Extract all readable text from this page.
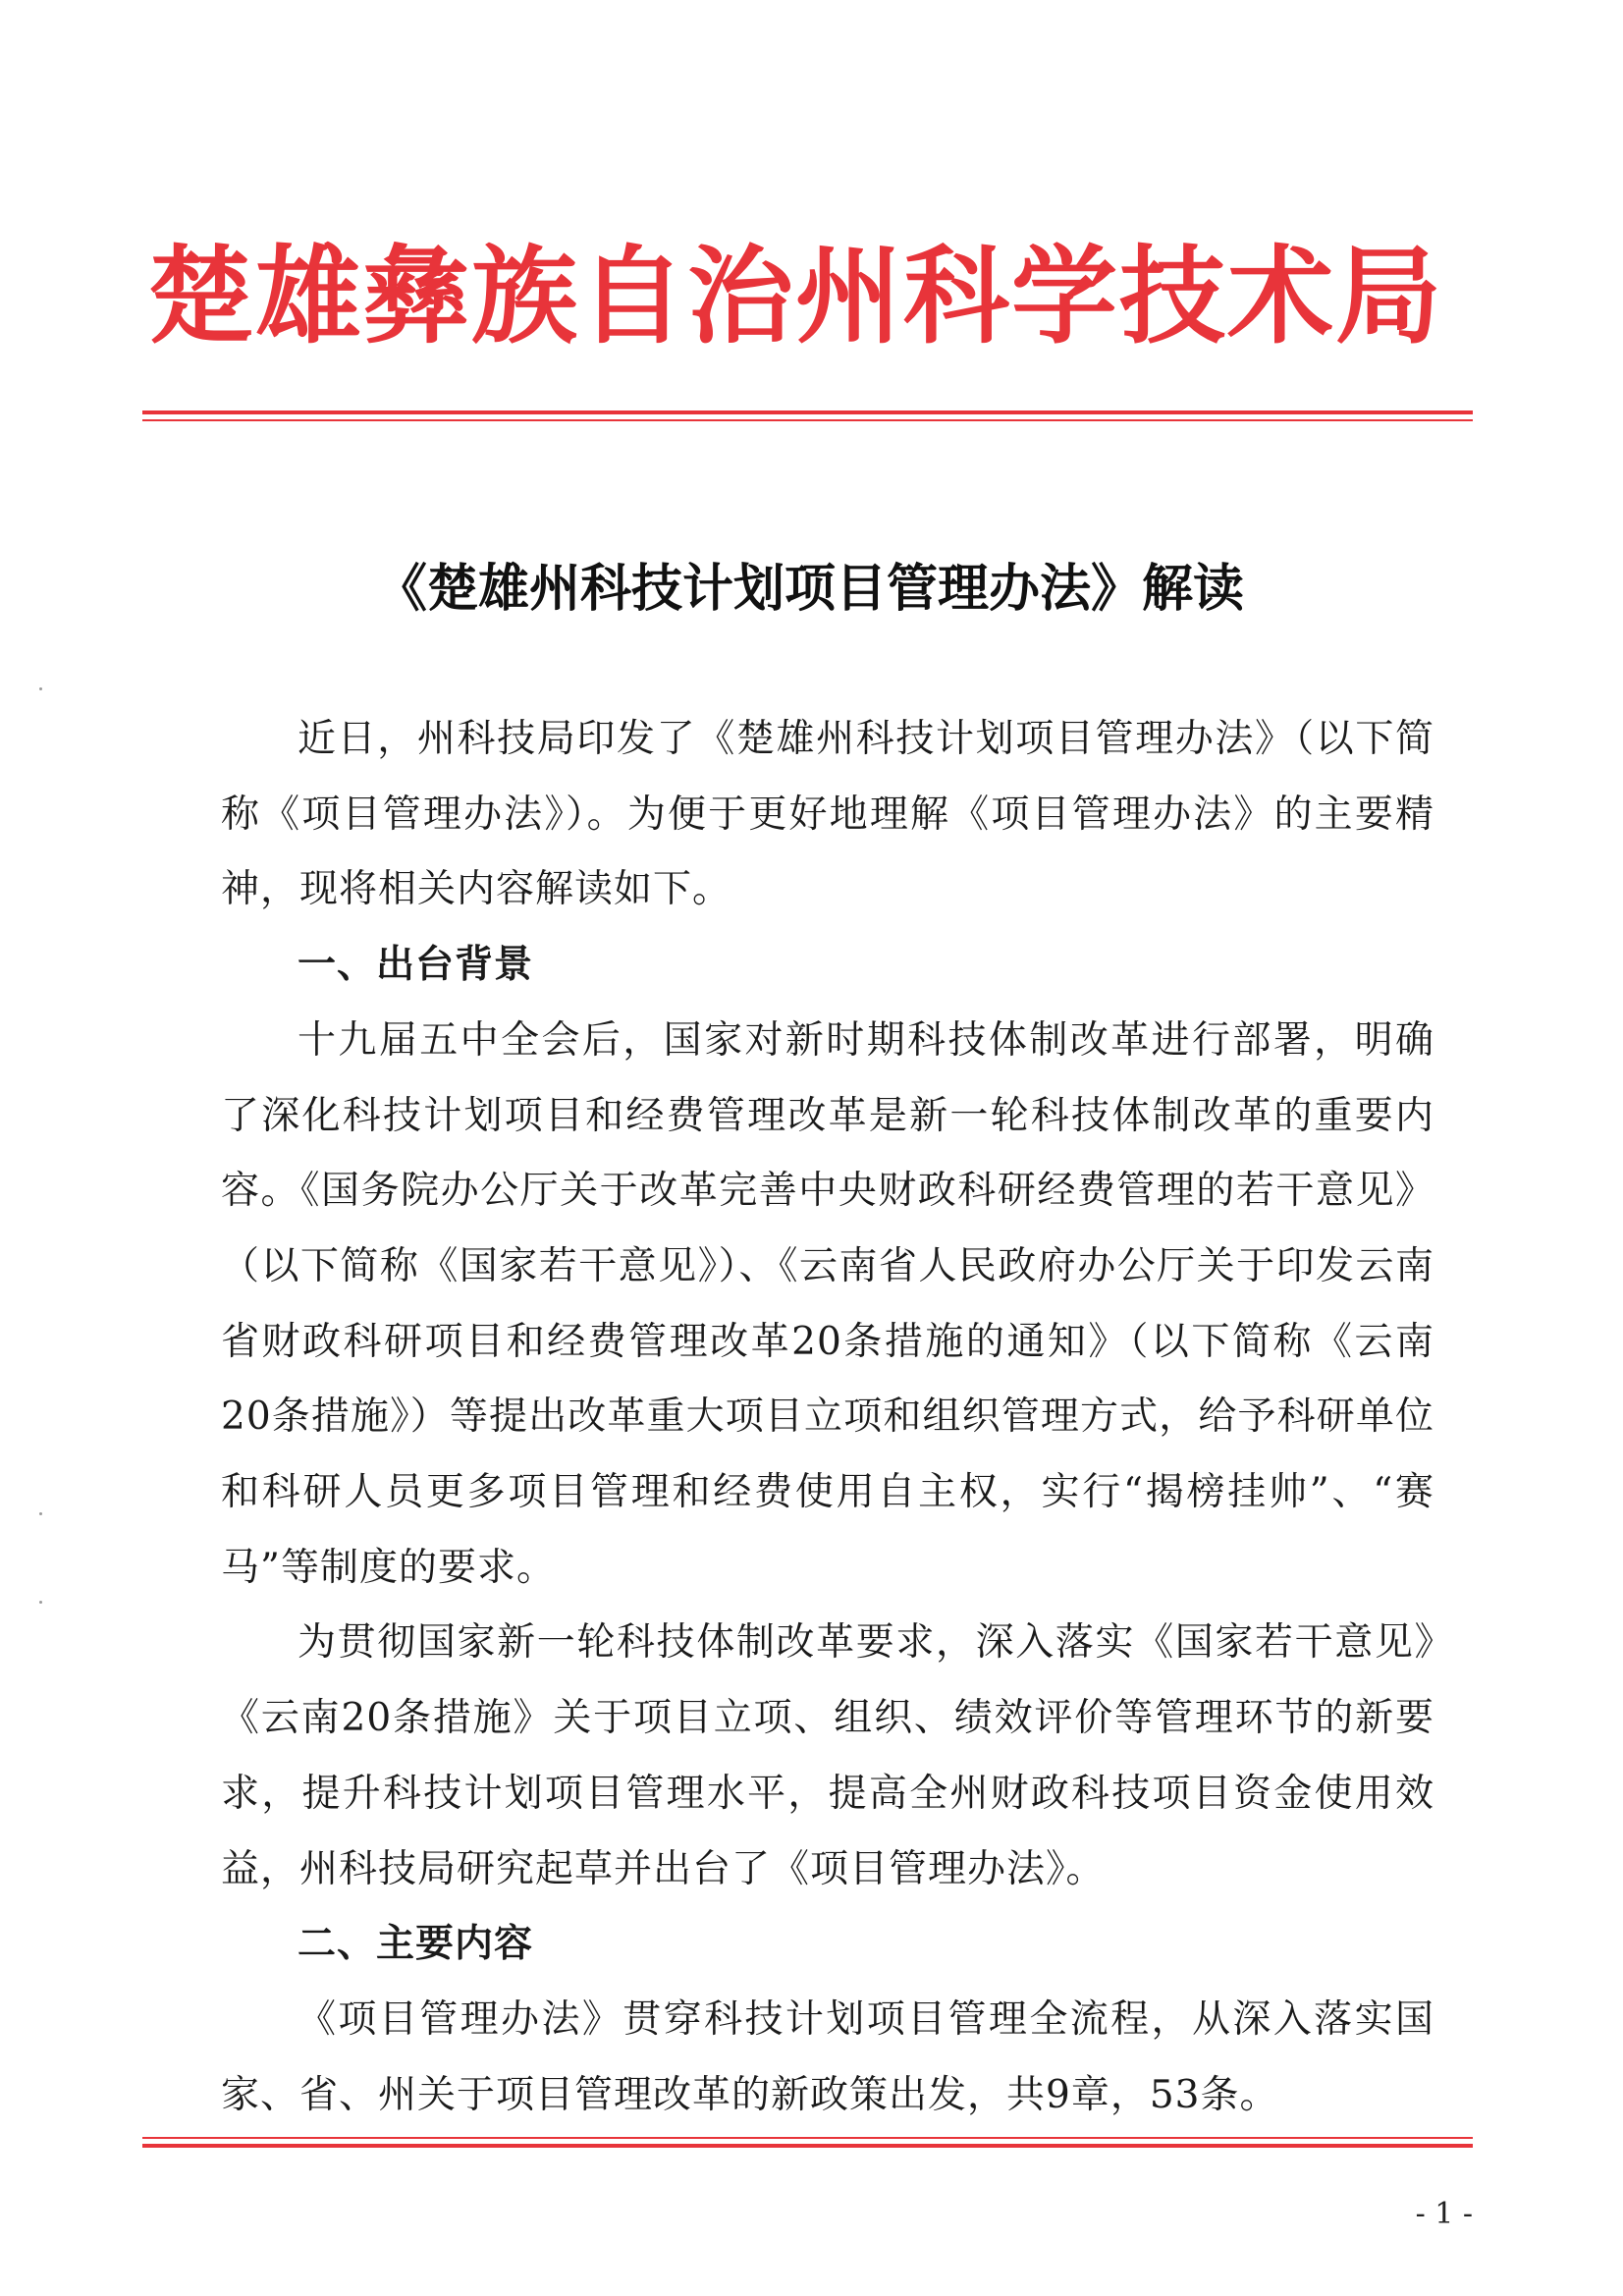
楚雄彝族自治州科学技术局
《楚雄州科技计划项目管理办法》解读

近日，州科技局印发了《楚雄州科技计划项目管理办法》（以下简称《项目管理办法》）。为便于更好地理解《项目管理办法》的主要精神，现将相关内容解读如下。

一、出台背景

十九届五中全会后，国家对新时期科技体制改革进行部署，明确了深化科技计划项目和经费管理改革是新一轮科技体制改革的重要内容。《国务院办公厅关于改革完善中央财政科研经费管理的若干意见》（以下简称《国家若干意见》）、《云南省人民政府办公厅关于印发云南省财政科研项目和经费管理改革20条措施的通知》（以下简称《云南20条措施》）等提出改革重大项目立项和组织管理方式，给予科研单位和科研人员更多项目管理和经费使用自主权，实行“揭榜挂帅”、“赛马”等制度的要求。

为贯彻国家新一轮科技体制改革要求，深入落实《国家若干意见》《云南20条措施》关于项目立项、组织、绩效评价等管理环节的新要求，提升科技计划项目管理水平，提高全州财政科技项目资金使用效益，州科技局研究起草并出台了《项目管理办法》。

二、主要内容

《项目管理办法》贯穿科技计划项目管理全流程，从深入落实国家、省、州关于项目管理改革的新政策出发，共9章，53条。

- 1 -
